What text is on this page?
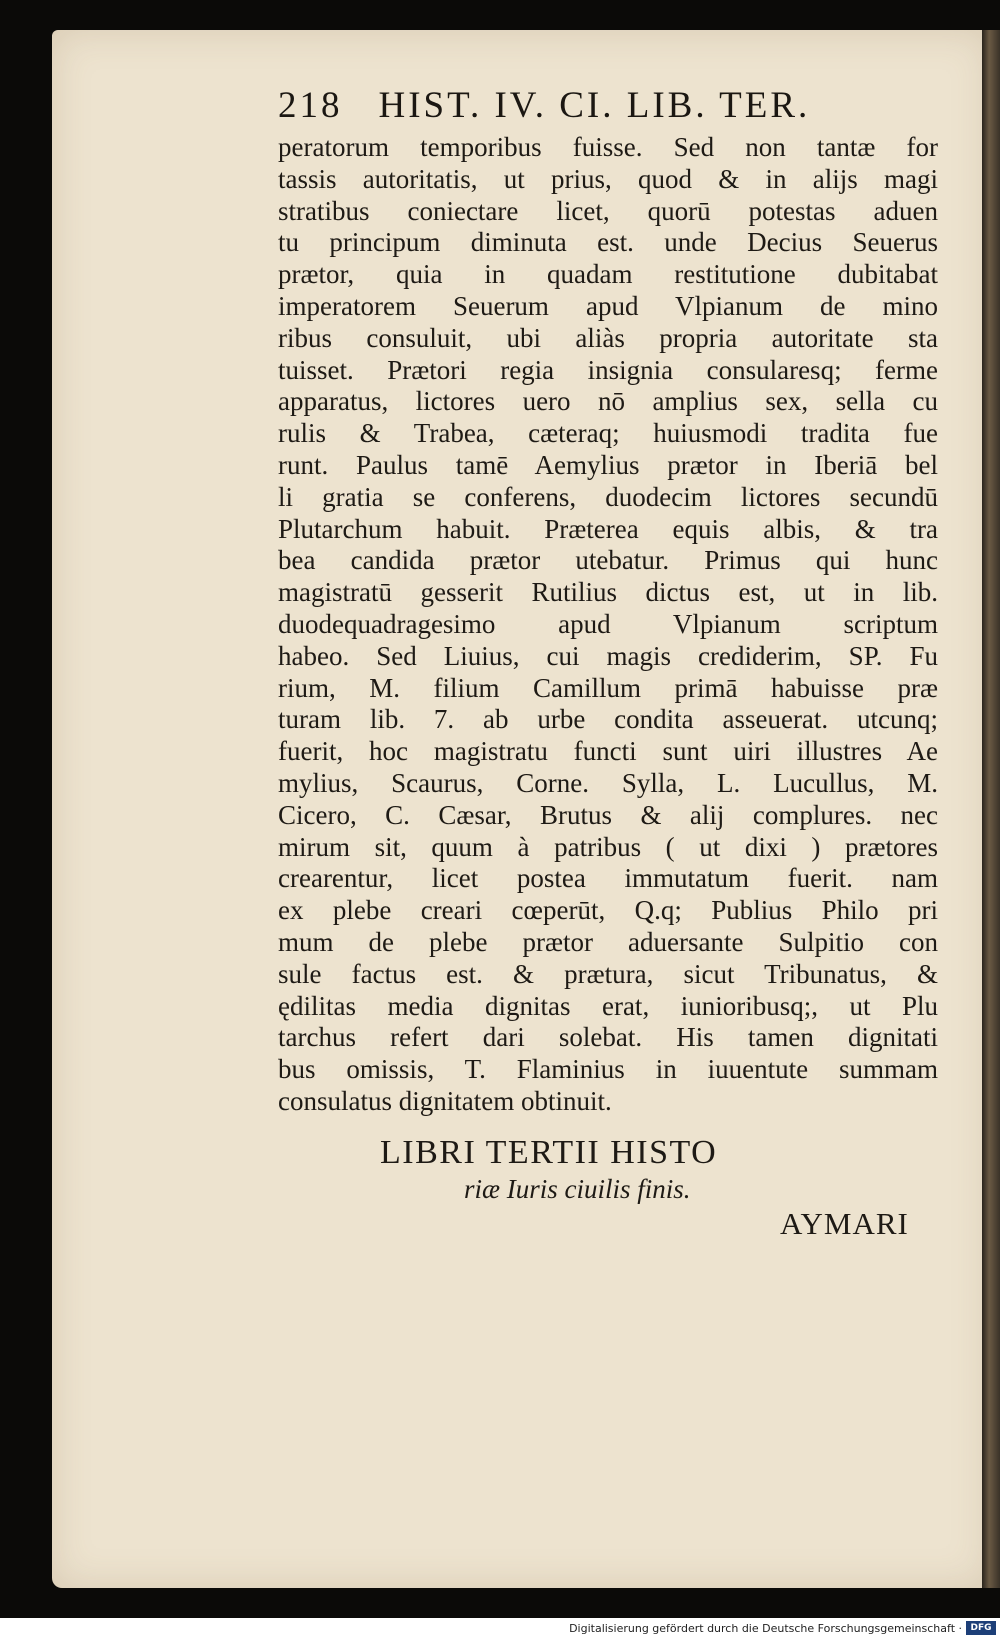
218 HIST. IV. CI. LIB. TER.
peratorum temporibus fuisse. Sed non tantæ for
tassis autoritatis, ut prius, quod & in alijs magi
stratibus coniectare licet, quorū potestas aduen
tu principum diminuta est. unde Decius Seuerus
prætor, quia in quadam restitutione dubitabat
imperatorem Seuerum apud Vlpianum de mino
ribus consuluit, ubi aliàs propria autoritate sta
tuisset. Prætori regia insignia consularesq; ferme
apparatus, lictores uero nō amplius sex, sella cu
rulis & Trabea, cæteraq; huiusmodi tradita fue
runt. Paulus tamē Aemylius prætor in Iberiā bel
li gratia se conferens, duodecim lictores secundū
Plutarchum habuit. Præterea equis albis, & tra
bea candida prætor utebatur. Primus qui hunc
magistratū gesserit Rutilius dictus est, ut in lib.
duodequadragesimo apud Vlpianum scriptum
habeo. Sed Liuius, cui magis crediderim, SP. Fu
rium, M. filium Camillum primā habuisse præ
turam lib. 7. ab urbe condita asseuerat. utcunq;
fuerit, hoc magistratu functi sunt uiri illustres Ae
mylius, Scaurus, Corne. Sylla, L. Lucullus, M.
Cicero, C. Cæsar, Brutus & alij complures. nec
mirum sit, quum à patribus ( ut dixi ) prætores
crearentur, licet postea immutatum fuerit. nam
ex plebe creari cœperūt, Q.q; Publius Philo pri
mum de plebe prætor aduersante Sulpitio con
sule factus est. & prætura, sicut Tribunatus, &
ędilitas media dignitas erat, iunioribusq;, ut Plu
tarchus refert dari solebat. His tamen dignitati
bus omissis, T. Flaminius in iuuentute summam
consulatus dignitatem obtinuit.
LIBRI TERTII HISTO
riæ Iuris ciuilis finis.
AYMARI
Digitalisierung gefördert durch die Deutsche Forschungsgemeinschaft · DFG
